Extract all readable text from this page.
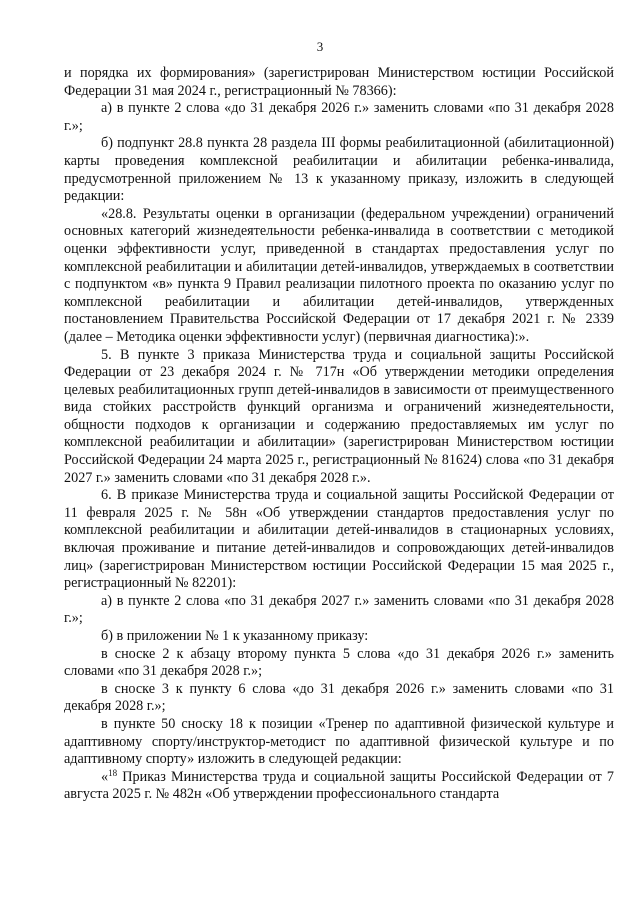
3

и порядка их формирования» (зарегистрирован Министерством юстиции Российской Федерации 31 мая 2024 г., регистрационный № 78366):

а) в пункте 2 слова «до 31 декабря 2026 г.» заменить словами «по 31 декабря 2028 г.»;

б) подпункт 28.8 пункта 28 раздела III формы реабилитационной (абилитационной) карты проведения комплексной реабилитации и абилитации ребенка-инвалида, предусмотренной приложением № 13 к указанному приказу, изложить в следующей редакции:

«28.8. Результаты оценки в организации (федеральном учреждении) ограничений основных категорий жизнедеятельности ребенка-инвалида в соответствии с методикой оценки эффективности услуг, приведенной в стандартах предоставления услуг по комплексной реабилитации и абилитации детей-инвалидов, утверждаемых в соответствии с подпунктом «в» пункта 9 Правил реализации пилотного проекта по оказанию услуг по комплексной реабилитации и абилитации детей-инвалидов, утвержденных постановлением Правительства Российской Федерации от 17 декабря 2021 г. № 2339 (далее – Методика оценки эффективности услуг) (первичная диагностика):».

5. В пункте 3 приказа Министерства труда и социальной защиты Российской Федерации от 23 декабря 2024 г. № 717н «Об утверждении методики определения целевых реабилитационных групп детей-инвалидов в зависимости от преимущественного вида стойких расстройств функций организма и ограничений жизнедеятельности, общности подходов к организации и содержанию предоставляемых им услуг по комплексной реабилитации и абилитации» (зарегистрирован Министерством юстиции Российской Федерации 24 марта 2025 г., регистрационный № 81624) слова «по 31 декабря 2027 г.» заменить словами «по 31 декабря 2028 г.».

6. В приказе Министерства труда и социальной защиты Российской Федерации от 11 февраля 2025 г. № 58н «Об утверждении стандартов предоставления услуг по комплексной реабилитации и абилитации детей-инвалидов в стационарных условиях, включая проживание и питание детей-инвалидов и сопровождающих детей-инвалидов лиц» (зарегистрирован Министерством юстиции Российской Федерации 15 мая 2025 г., регистрационный № 82201):

а) в пункте 2 слова «по 31 декабря 2027 г.» заменить словами «по 31 декабря 2028 г.»;

б) в приложении № 1 к указанному приказу:

в сноске 2 к абзацу второму пункта 5 слова «до 31 декабря 2026 г.» заменить словами «по 31 декабря 2028 г.»;

в сноске 3 к пункту 6 слова «до 31 декабря 2026 г.» заменить словами «по 31 декабря 2028 г.»;

в пункте 50 сноску 18 к позиции «Тренер по адаптивной физической культуре и адаптивному спорту/инструктор-методист по адаптивной физической культуре и по адаптивному спорту» изложить в следующей редакции:

«$^{18}$ Приказ Министерства труда и социальной защиты Российской Федерации от 7 августа 2025 г. № 482н «Об утверждении профессионального стандарта
